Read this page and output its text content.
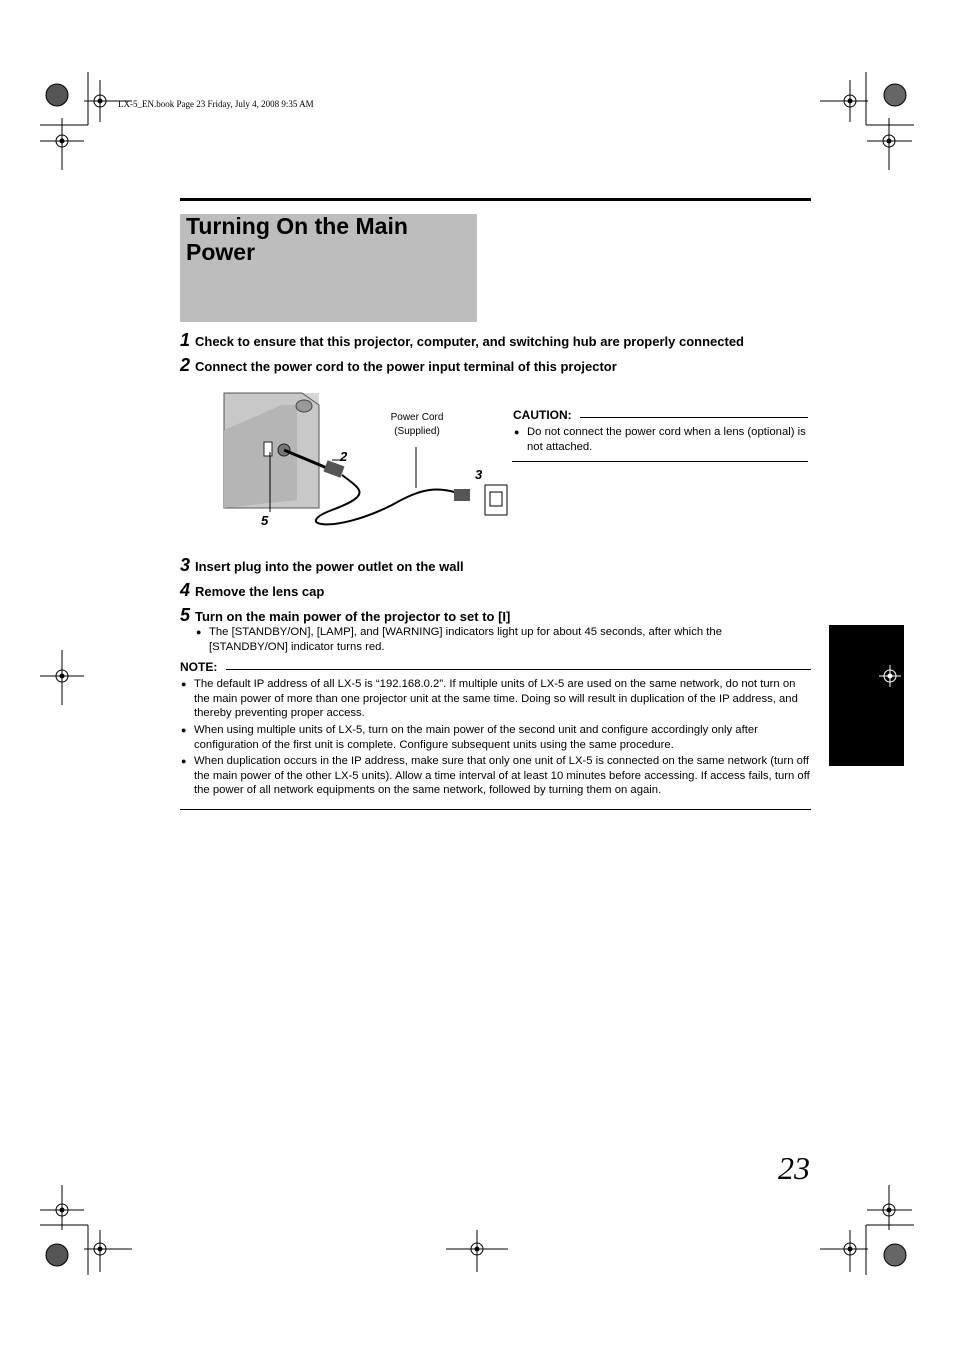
LX-5_EN.book Page 23 Friday, July 4, 2008 9:35 AM
Turning On the Main Power
1 Check to ensure that this projector, computer, and switching hub are properly connected
2 Connect the power cord to the power input terminal of this projector
Power Cord
(Supplied)
2
3
5
CAUTION:
● Do not connect the power cord when a lens (optional) is not attached.
3 Insert plug into the power outlet on the wall
4 Remove the lens cap
5 Turn on the main power of the projector to set to [I]
● The [STANDBY/ON], [LAMP], and [WARNING] indicators light up for about 45 seconds, after which the [STANDBY/ON] indicator turns red.
NOTE:
● The default IP address of all LX-5 is “192.168.0.2”. If multiple units of LX-5 are used on the same network, do not turn on the main power of more than one projector unit at the same time. Doing so will result in duplication of the IP address, and thereby preventing proper access.
● When using multiple units of LX-5, turn on the main power of the second unit and configure accordingly only after configuration of the first unit is complete. Configure subsequent units using the same procedure.
● When duplication occurs in the IP address, make sure that only one unit of LX-5 is connected on the same network (turn off the main power of the other LX-5 units). Allow a time interval of at least 10 minutes before accessing. If access fails, turn off the power of all network equipments on the same network, followed by turning them on again.
23
